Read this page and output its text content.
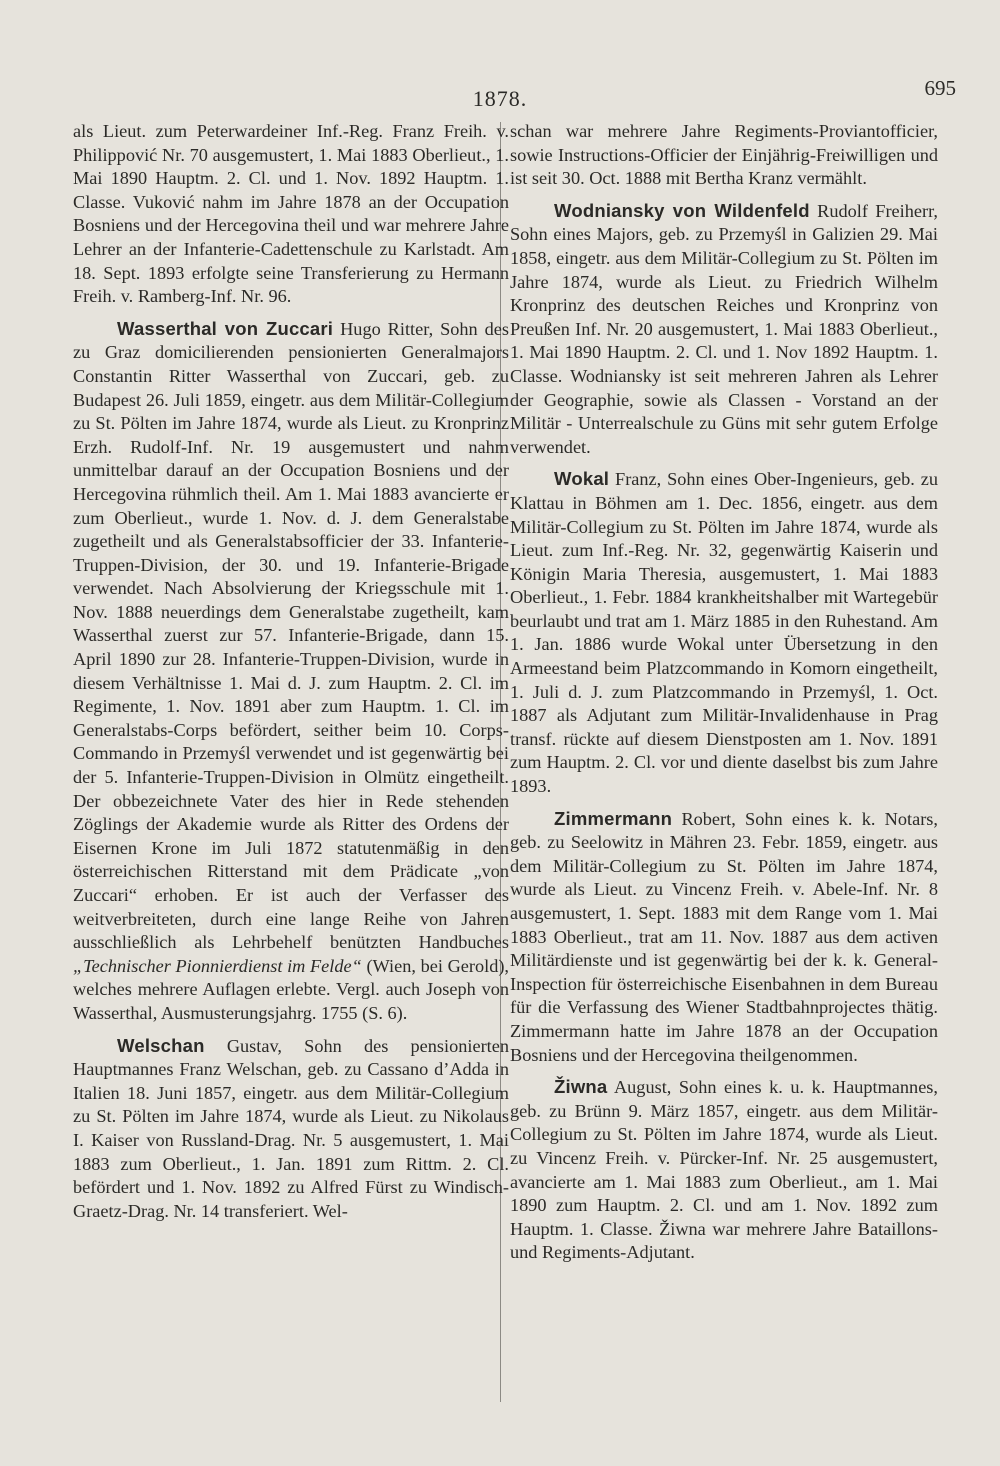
1878.	695

als Lieut. zum Peterwardeiner Inf.-Reg. Franz Freih. v. Philippović Nr. 70 ausgemustert, 1. Mai 1883 Oberlieut., 1. Mai 1890 Hauptm. 2. Cl. und 1. Nov. 1892 Hauptm. 1. Classe. Vuković nahm im Jahre 1878 an der Occupation Bosniens und der Hercegovina theil und war mehrere Jahre Lehrer an der Infanterie-Cadettenschule zu Karlstadt. Am 18. Sept. 1893 erfolgte seine Transferierung zu Hermann Freih. v. Ramberg-Inf. Nr. 96.

Wasserthal von Zuccari Hugo Ritter, Sohn des zu Graz domicilierenden pensionierten Generalmajors Constantin Ritter Wasserthal von Zuccari, geb. zu Budapest 26. Juli 1859, eingetr. aus dem Militär-Collegium zu St. Pölten im Jahre 1874, wurde als Lieut. zu Kronprinz Erzh. Rudolf-Inf. Nr. 19 ausgemustert und nahm unmittelbar darauf an der Occupation Bosniens und der Hercegovina rühmlich theil. Am 1. Mai 1883 avancierte er zum Oberlieut., wurde 1. Nov. d. J. dem Generalstabe zugetheilt und als Generalstabsofficier der 33. Infanterie-Truppen-Division, der 30. und 19. Infanterie-Brigade verwendet. Nach Absolvierung der Kriegsschule mit 1. Nov. 1888 neuerdings dem Generalstabe zugetheilt, kam Wasserthal zuerst zur 57. Infanterie-Brigade, dann 15. April 1890 zur 28. Infanterie-Truppen-Division, wurde in diesem Verhältnisse 1. Mai d. J. zum Hauptm. 2. Cl. im Regimente, 1. Nov. 1891 aber zum Hauptm. 1. Cl. im Generalstabs-Corps befördert, seither beim 10. Corps-Commando in Przemyśl verwendet und ist gegenwärtig bei der 5. Infanterie-Truppen-Division in Olmütz eingetheilt. Der obbezeichnete Vater des hier in Rede stehenden Zöglings der Akademie wurde als Ritter des Ordens der Eisernen Krone im Juli 1872 statutenmäßig in den österreichischen Ritterstand mit dem Prädicate „von Zuccari“ erhoben. Er ist auch der Verfasser des weitverbreiteten, durch eine lange Reihe von Jahren ausschließlich als Lehrbehelf benützten Handbuches „Technischer Pionnierdienst im Felde“ (Wien, bei Gerold), welches mehrere Auflagen erlebte. Vergl. auch Joseph von Wasserthal, Ausmusterungsjahrg. 1755 (S. 6).

Welschan Gustav, Sohn des pensionierten Hauptmannes Franz Welschan, geb. zu Cassano d’Adda in Italien 18. Juni 1857, eingetr. aus dem Militär-Collegium zu St. Pölten im Jahre 1874, wurde als Lieut. zu Nikolaus I. Kaiser von Russland-Drag. Nr. 5 ausgemustert, 1. Mai 1883 zum Oberlieut., 1. Jan. 1891 zum Rittm. 2. Cl. befördert und 1. Nov. 1892 zu Alfred Fürst zu Windisch-Graetz-Drag. Nr. 14 transferiert. Wel-

schan war mehrere Jahre Regiments-Proviantofficier, sowie Instructions-Officier der Einjährig-Freiwilligen und ist seit 30. Oct. 1888 mit Bertha Kranz vermählt.

Wodniansky von Wildenfeld Rudolf Freiherr, Sohn eines Majors, geb. zu Przemyśl in Galizien 29. Mai 1858, eingetr. aus dem Militär-Collegium zu St. Pölten im Jahre 1874, wurde als Lieut. zu Friedrich Wilhelm Kronprinz des deutschen Reiches und Kronprinz von Preußen Inf. Nr. 20 ausgemustert, 1. Mai 1883 Oberlieut., 1. Mai 1890 Hauptm. 2. Cl. und 1. Nov 1892 Hauptm. 1. Classe. Wodniansky ist seit mehreren Jahren als Lehrer der Geographie, sowie als Classen - Vorstand an der Militär - Unterrealschule zu Güns mit sehr gutem Erfolge verwendet.

Wokal Franz, Sohn eines Ober-Ingenieurs, geb. zu Klattau in Böhmen am 1. Dec. 1856, eingetr. aus dem Militär-Collegium zu St. Pölten im Jahre 1874, wurde als Lieut. zum Inf.-Reg. Nr. 32, gegenwärtig Kaiserin und Königin Maria Theresia, ausgemustert, 1. Mai 1883 Oberlieut., 1. Febr. 1884 krankheitshalber mit Wartegebür beurlaubt und trat am 1. März 1885 in den Ruhestand. Am 1. Jan. 1886 wurde Wokal unter Übersetzung in den Armeestand beim Platzcommando in Komorn eingetheilt, 1. Juli d. J. zum Platzcommando in Przemyśl, 1. Oct. 1887 als Adjutant zum Militär-Invalidenhause in Prag transf. rückte auf diesem Dienstposten am 1. Nov. 1891 zum Hauptm. 2. Cl. vor und diente daselbst bis zum Jahre 1893.

Zimmermann Robert, Sohn eines k. k. Notars, geb. zu Seelowitz in Mähren 23. Febr. 1859, eingetr. aus dem Militär-Collegium zu St. Pölten im Jahre 1874, wurde als Lieut. zu Vincenz Freih. v. Abele-Inf. Nr. 8 ausgemustert, 1. Sept. 1883 mit dem Range vom 1. Mai 1883 Oberlieut., trat am 11. Nov. 1887 aus dem activen Militärdienste und ist gegenwärtig bei der k. k. General-Inspection für österreichische Eisenbahnen in dem Bureau für die Verfassung des Wiener Stadtbahnprojectes thätig. Zimmermann hatte im Jahre 1878 an der Occupation Bosniens und der Hercegovina theilgenommen.

Žiwna August, Sohn eines k. u. k. Hauptmannes, geb. zu Brünn 9. März 1857, eingetr. aus dem Militär-Collegium zu St. Pölten im Jahre 1874, wurde als Lieut. zu Vincenz Freih. v. Pürcker-Inf. Nr. 25 ausgemustert, avancierte am 1. Mai 1883 zum Oberlieut., am 1. Mai 1890 zum Hauptm. 2. Cl. und am 1. Nov. 1892 zum Hauptm. 1. Classe. Žiwna war mehrere Jahre Bataillons- und Regiments-Adjutant.
